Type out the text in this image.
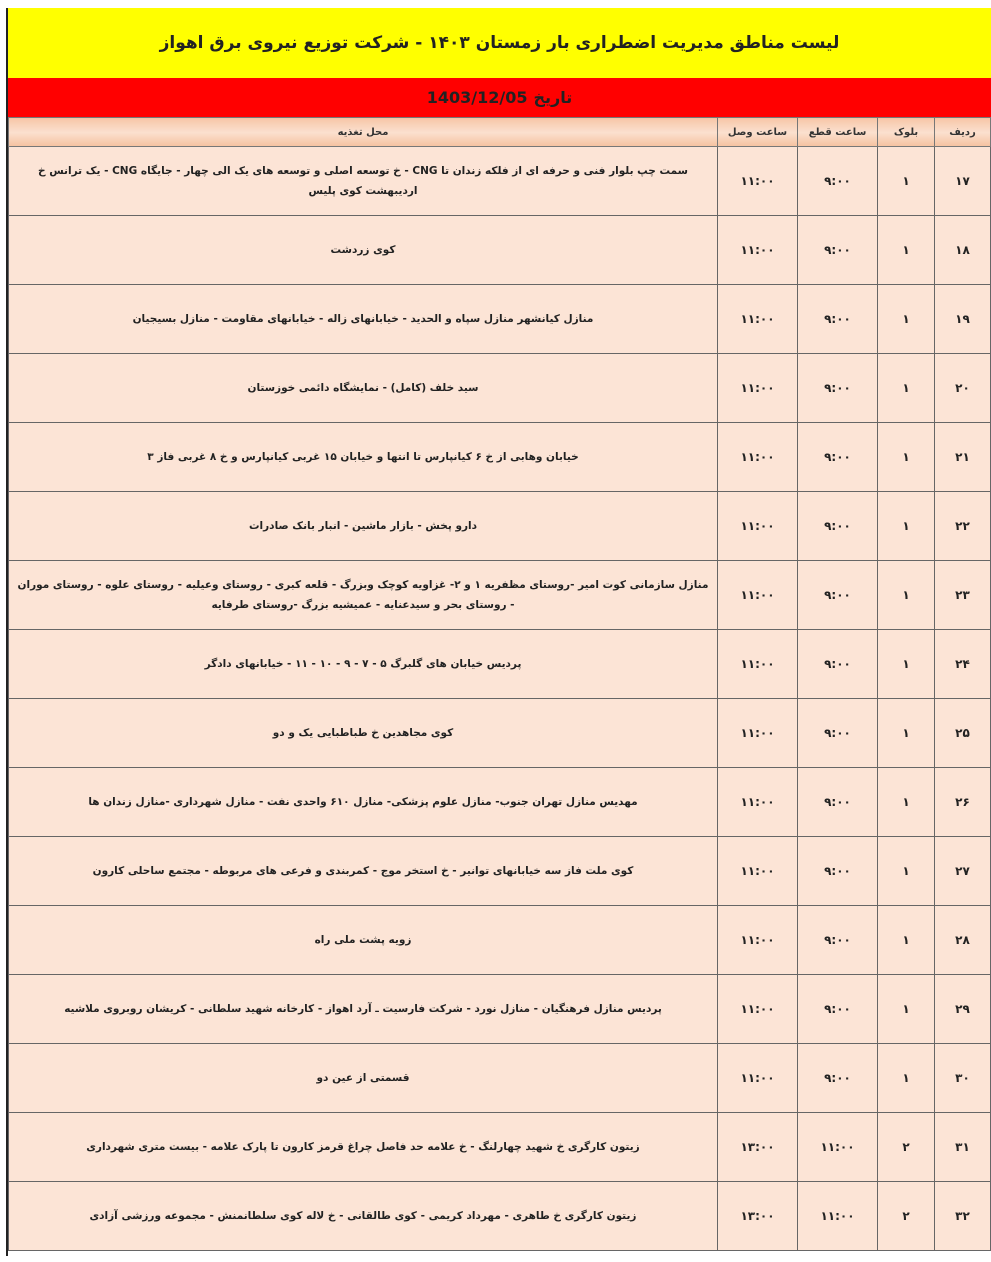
لیست مناطق مدیریت اضطراری بار زمستان ۱۴۰۳ - شرکت توزیع نیروی برق اهواز
تاریخ
1403/12/05
ردیف	بلوک	ساعت قطع	ساعت وصل	محل تغذیه
۱۷	۱	۹:۰۰	۱۱:۰۰	سمت چپ بلوار فنی و حرفه ای از فلکه زندان تا CNG - خ توسعه اصلی و توسعه های یک الی چهار - جایگاه CNG - یک ترانس خ اردیبهشت کوی پلیس
۱۸	۱	۹:۰۰	۱۱:۰۰	کوی زردشت
۱۹	۱	۹:۰۰	۱۱:۰۰	منازل کیانشهر منازل سپاه و الحدید - خیابانهای زاله - خیابانهای مقاومت - منازل بسیجیان
۲۰	۱	۹:۰۰	۱۱:۰۰	سید خلف (کامل) - نمایشگاه دائمی خوزستان
۲۱	۱	۹:۰۰	۱۱:۰۰	خیابان وهابی از خ ۶ کیانپارس تا انتها و خیابان ۱۵ غربی کیانپارس و خ ۸ غربی فاز ۳
۲۲	۱	۹:۰۰	۱۱:۰۰	دارو پخش - بازار ماشین - انبار بانک صادرات
۲۳	۱	۹:۰۰	۱۱:۰۰	منازل سازمانی کوت امیر -روستای مظفریه ۱ و ۲- غزاویه کوچک وبزرگ - قلعه کبری - روستای وعیلیه - روستای علوه - روستای موران - روستای بحر و سیدعنایه - عمیشیه بزرگ -روستای طرفایه
۲۴	۱	۹:۰۰	۱۱:۰۰	پردیس خیابان های گلبرگ ۵ - ۷ - ۹ - ۱۰ - ۱۱ - خیابانهای دادگر
۲۵	۱	۹:۰۰	۱۱:۰۰	کوی مجاهدین خ طباطبایی یک و دو
۲۶	۱	۹:۰۰	۱۱:۰۰	مهدیس منازل تهران جنوب- منازل علوم پزشکی- منازل ۶۱۰ واحدی نفت - منازل شهرداری -منازل زندان ها
۲۷	۱	۹:۰۰	۱۱:۰۰	کوی ملت فاز سه خیابانهای توانیر - خ استخر موج - کمربندی و فرعی های مربوطه - مجتمع ساحلی کارون
۲۸	۱	۹:۰۰	۱۱:۰۰	زویه پشت ملی راه
۲۹	۱	۹:۰۰	۱۱:۰۰	پردیس منازل فرهنگیان - منازل نورد - شرکت فارسیت ـ آرد اهواز - کارخانه شهید سلطانی - کریشان روبروی ملاشیه
۳۰	۱	۹:۰۰	۱۱:۰۰	قسمتی از عین دو
۳۱	۲	۱۱:۰۰	۱۳:۰۰	زیتون کارگری خ شهید چهارلنگ - خ علامه حد فاصل چراغ قرمز کارون تا پارک علامه - بیست متری شهرداری
۳۲	۲	۱۱:۰۰	۱۳:۰۰	زیتون کارگری خ طاهری - مهرداد کریمی - کوی طالقانی - خ لاله کوی سلطانمنش - مجموعه ورزشی آزادی
